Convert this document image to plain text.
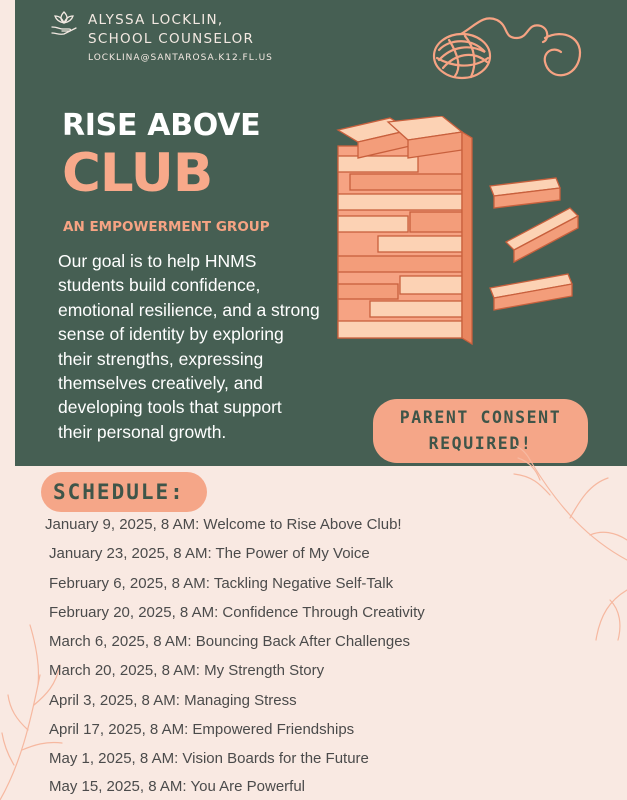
ALYSSA LOCKLIN,
SCHOOL COUNSELOR
LOCKLINA@SANTAROSA.K12.FL.US
RISE ABOVE
CLUB
AN EMPOWERMENT GROUP
Our goal is to help HNMS
students build confidence,
emotional resilience, and a strong
sense of identity by exploring
their strengths, expressing
themselves creatively, and
developing tools that support
their personal growth.
PARENT CONSENT
REQUIRED!
SCHEDULE:
January 9, 2025, 8 AM: Welcome to Rise Above Club!
January 23, 2025, 8 AM: The Power of My Voice
February 6, 2025, 8 AM: Tackling Negative Self-Talk
February 20, 2025, 8 AM: Confidence Through Creativity
March 6, 2025, 8 AM: Bouncing Back After Challenges
March 20, 2025, 8 AM: My Strength Story
April 3, 2025, 8 AM: Managing Stress
April 17, 2025, 8 AM: Empowered Friendships
May 1, 2025, 8 AM: Vision Boards for the Future
May 15, 2025, 8 AM: You Are Powerful
